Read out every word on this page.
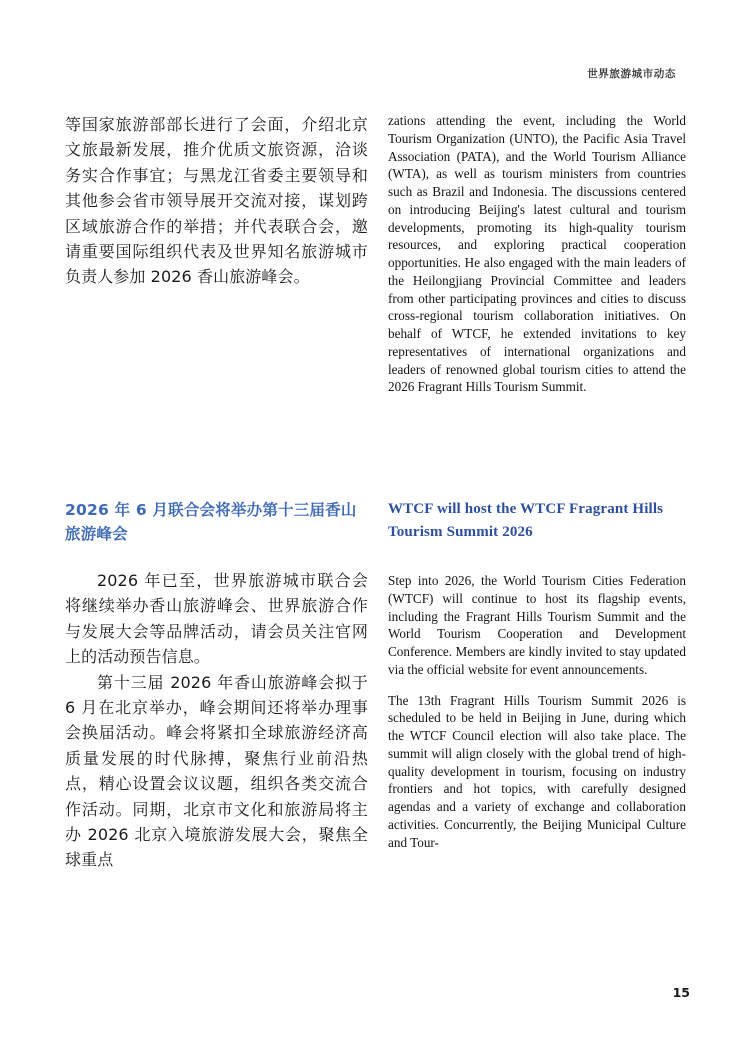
世界旅游城市动态

等国家旅游部部长进行了会面，介绍北京文旅最新发展，推介优质文旅资源，洽谈务实合作事宜；与黑龙江省委主要领导和其他参会省市领导展开交流对接，谋划跨区域旅游合作的举措；并代表联合会，邀请重要国际组织代表及世界知名旅游城市负责人参加 2026 香山旅游峰会。

zations attending the event, including the World Tourism Organization (UNTO), the Pacific Asia Travel Association (PATA), and the World Tourism Alliance (WTA), as well as tourism ministers from countries such as Brazil and Indonesia. The discussions centered on introducing Beijing's latest cultural and tourism developments, promoting its high-quality tourism resources, and exploring practical cooperation opportunities. He also engaged with the main leaders of the Heilongjiang Provincial Committee and leaders from other participating provinces and cities to discuss cross-regional tourism collaboration initiatives. On behalf of WTCF, he extended invitations to key representatives of international organizations and leaders of renowned global tourism cities to attend the 2026 Fragrant Hills Tourism Summit.

2026 年 6 月联合会将举办第十三届香山旅游峰会
WTCF will host the WTCF Fragrant Hills Tourism Summit 2026

2026 年已至，世界旅游城市联合会将继续举办香山旅游峰会、世界旅游合作与发展大会等品牌活动，请会员关注官网上的活动预告信息。

第十三届 2026 年香山旅游峰会拟于 6 月在北京举办，峰会期间还将举办理事会换届活动。峰会将紧扣全球旅游经济高质量发展的时代脉搏，聚焦行业前沿热点，精心设置会议议题，组织各类交流合作活动。同期，北京市文化和旅游局将主办 2026 北京入境旅游发展大会，聚焦全球重点

Step into 2026, the World Tourism Cities Federation (WTCF) will continue to host its flagship events, including the Fragrant Hills Tourism Summit and the World Tourism Cooperation and Development Conference. Members are kindly invited to stay updated via the official website for event announcements.

The 13th Fragrant Hills Tourism Summit 2026 is scheduled to be held in Beijing in June, during which the WTCF Council election will also take place. The summit will align closely with the global trend of high-quality development in tourism, focusing on industry frontiers and hot topics, with carefully designed agendas and a variety of exchange and collaboration activities. Concurrently, the Beijing Municipal Culture and Tour-

15
